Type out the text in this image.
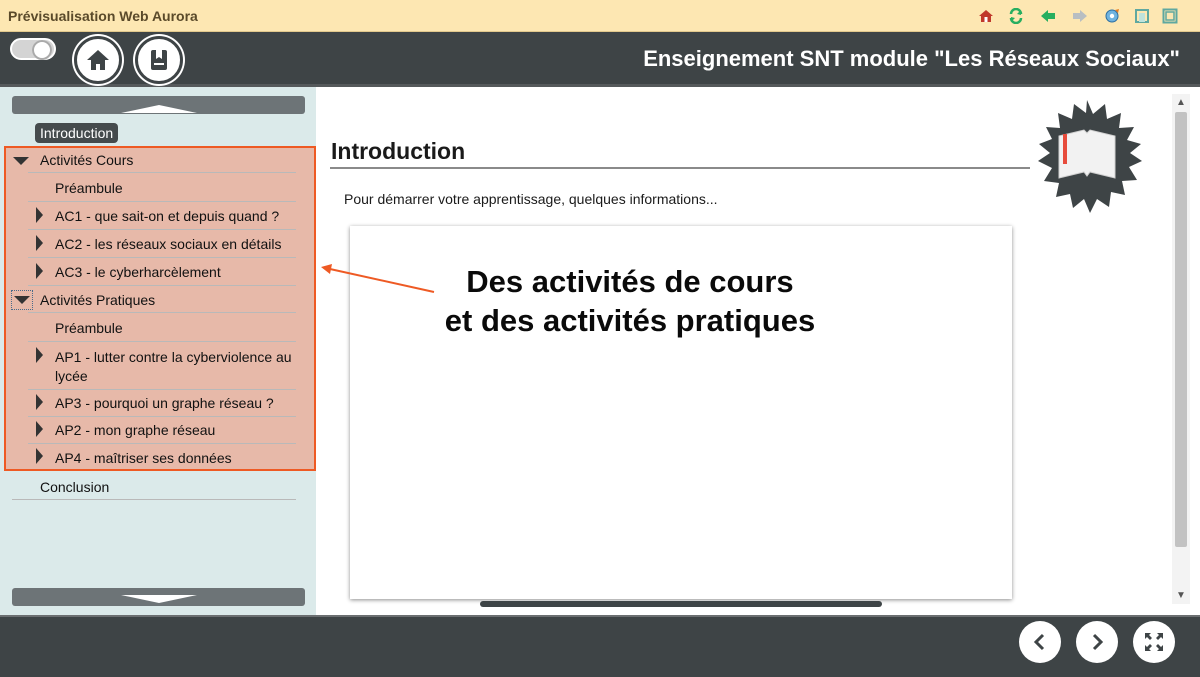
Prévisualisation Web Aurora
Enseignement SNT module "Les Réseaux Sociaux"
Introduction
Activités Cours
Préambule
AC1 - que sait-on et depuis quand ?
AC2 - les réseaux sociaux en détails
AC3 - le cyberharcèlement
Activités Pratiques
Préambule
AP1 - lutter contre la cyberviolence au lycée
AP3 - pourquoi un graphe réseau ?
AP2 - mon graphe réseau
AP4 - maîtriser ses données
Conclusion
▲
▼
Introduction
Pour démarrer votre apprentissage, quelques informations...
Des activités de cours
et des activités pratiques
